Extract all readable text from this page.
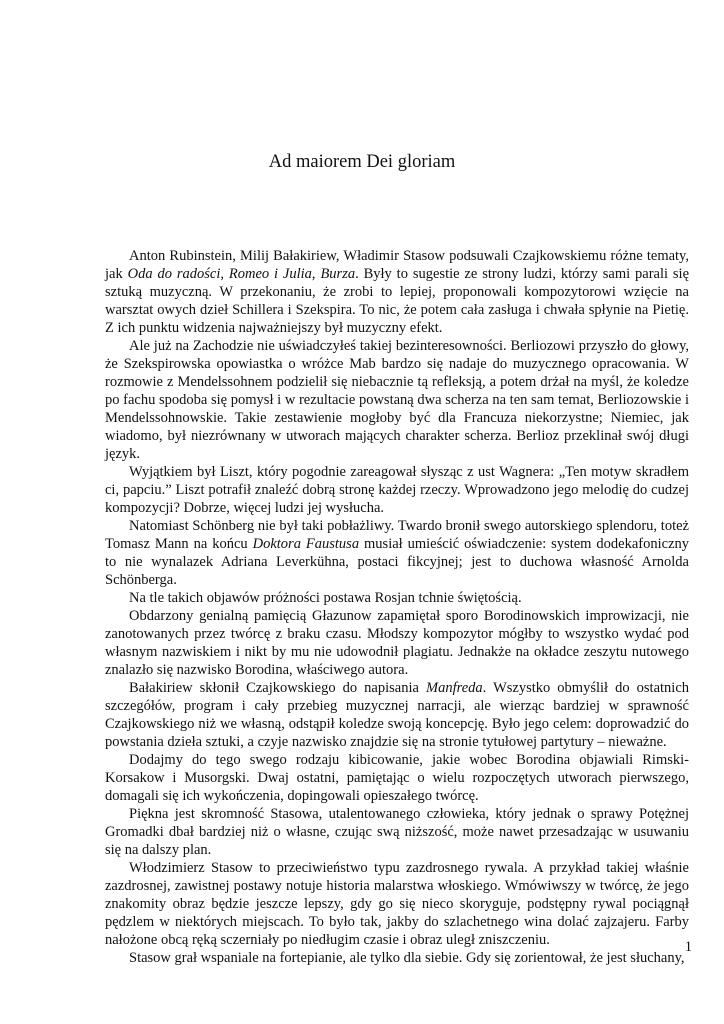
Ad maiorem Dei gloriam

Anton Rubinstein, Milij Bałakiriew, Władimir Stasow podsuwali Czajkowskiemu różne tematy, jak Oda do radości, Romeo i Julia, Burza. Były to sugestie ze strony ludzi, którzy sami parali się sztuką muzyczną. W przekonaniu, że zrobi to lepiej, proponowali kompozytorowi wzięcie na warsztat owych dzieł Schillera i Szekspira. To nic, że potem cała zasługa i chwała spłynie na Pietię. Z ich punktu widzenia najważniejszy był muzyczny efekt.

Ale już na Zachodzie nie uświadczyłeś takiej bezinteresowności. Berliozowi przyszło do głowy, że Szekspirowska opowiastka o wróżce Mab bardzo się nadaje do muzycznego opracowania. W rozmowie z Mendelssohnem podzielił się niebacznie tą refleksją, a potem drżał na myśl, że koledze po fachu spodoba się pomysł i w rezultacie powstaną dwa scherza na ten sam temat, Berliozowskie i Mendelssohnowskie. Takie zestawienie mogłoby być dla Francuza niekorzystne; Niemiec, jak wiadomo, był niezrównany w utworach mających charakter scherza. Berlioz przeklinał swój długi język.

Wyjątkiem był Liszt, który pogodnie zareagował słysząc z ust Wagnera: „Ten motyw skradłem ci, papciu.” Liszt potrafił znaleźć dobrą stronę każdej rzeczy. Wprowadzono jego melodię do cudzej kompozycji? Dobrze, więcej ludzi jej wysłucha.

Natomiast Schönberg nie był taki pobłażliwy. Twardo bronił swego autorskiego splendoru, toteż Tomasz Mann na końcu Doktora Faustusa musiał umieścić oświadczenie: system dodekafoniczny to nie wynalazek Adriana Leverkühna, postaci fikcyjnej; jest to duchowa własność Arnolda Schönberga.

Na tle takich objawów próżności postawa Rosjan tchnie świętością.

Obdarzony genialną pamięcią Głazunow zapamiętał sporo Borodinowskich improwizacji, nie zanotowanych przez twórcę z braku czasu. Młodszy kompozytor mógłby to wszystko wydać pod własnym nazwiskiem i nikt by mu nie udowodnił plagiatu. Jednakże na okładce zeszytu nutowego znalazło się nazwisko Borodina, właściwego autora.

Bałakiriew skłonił Czajkowskiego do napisania Manfreda. Wszystko obmyślił do ostatnich szczegółów, program i cały przebieg muzycznej narracji, ale wierząc bardziej w sprawność Czajkowskiego niż we własną, odstąpił koledze swoją koncepcję. Było jego celem: doprowadzić do powstania dzieła sztuki, a czyje nazwisko znajdzie się na stronie tytułowej partytury – nieważne.

Dodajmy do tego swego rodzaju kibicowanie, jakie wobec Borodina objawiali Rimski-Korsakow i Musorgski. Dwaj ostatni, pamiętając o wielu rozpoczętych utworach pierwszego, domagali się ich wykończenia, dopingowali opieszałego twórcę.

Piękna jest skromność Stasowa, utalentowanego człowieka, który jednak o sprawy Potężnej Gromadki dbał bardziej niż o własne, czując swą niższość, może nawet przesadzając w usuwaniu się na dalszy plan.

Włodzimierz Stasow to przeciwieństwo typu zazdrosnego rywala. A przykład takiej właśnie zazdrosnej, zawistnej postawy notuje historia malarstwa włoskiego. Wmówiwszy w twórcę, że jego znakomity obraz będzie jeszcze lepszy, gdy go się nieco skoryguje, podstępny rywal pociągnął pędzlem w niektórych miejscach. To było tak, jakby do szlachetnego wina dolać zajzajeru. Farby nałożone obcą ręką sczerniały po niedługim czasie i obraz uległ zniszczeniu.

Stasow grał wspaniale na fortepianie, ale tylko dla siebie. Gdy się zorientował, że jest słuchany,

1
